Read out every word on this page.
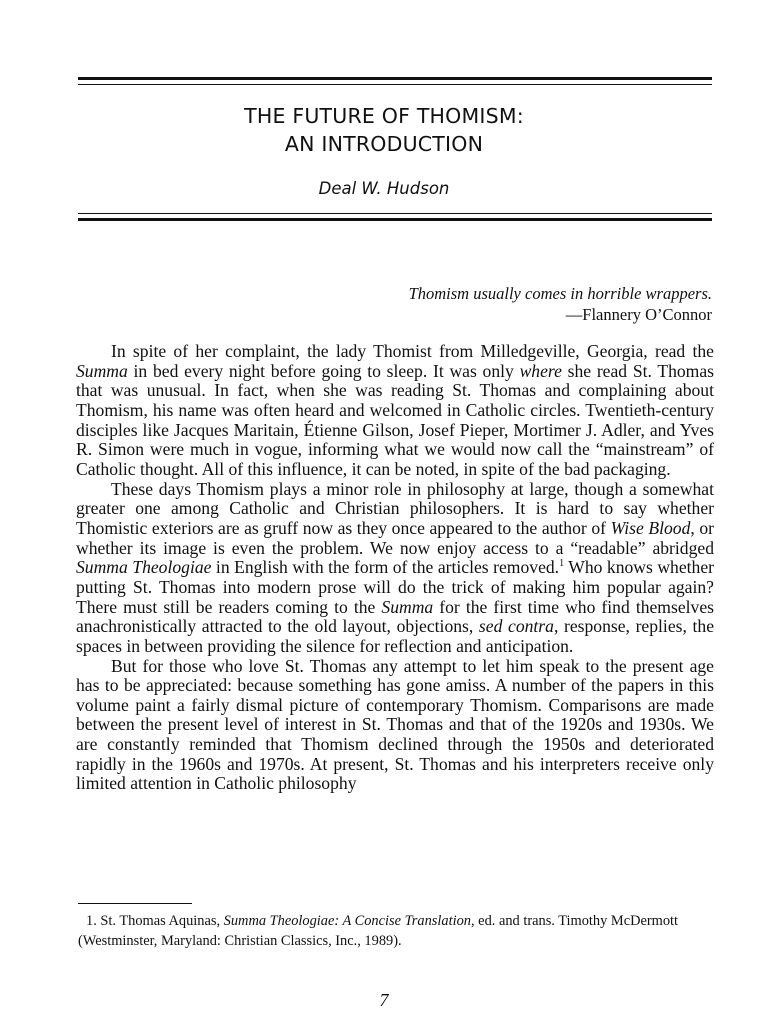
THE FUTURE OF THOMISM:
AN INTRODUCTION
Deal W. Hudson
Thomism usually comes in horrible wrappers.
—Flannery O’Connor

In spite of her complaint, the lady Thomist from Milledgeville, Georgia, read the Summa in bed every night before going to sleep. It was only where she read St. Thomas that was unusual. In fact, when she was reading St. Thomas and complaining about Thomism, his name was often heard and welcomed in Catholic circles. Twentieth-century disciples like Jacques Maritain, Étienne Gilson, Josef Pieper, Mortimer J. Adler, and Yves R. Simon were much in vogue, informing what we would now call the “mainstream” of Catholic thought. All of this influence, it can be noted, in spite of the bad packaging.

These days Thomism plays a minor role in philosophy at large, though a somewhat greater one among Catholic and Christian philosophers. It is hard to say whether Thomistic exteriors are as gruff now as they once appeared to the author of Wise Blood, or whether its image is even the problem. We now enjoy access to a “readable” abridged Summa Theologiae in English with the form of the articles removed.$^1$ Who knows whether putting St. Thomas into modern prose will do the trick of making him popular again? There must still be readers coming to the Summa for the first time who find themselves anachronistically attracted to the old layout, objections, sed contra, response, replies, the spaces in between providing the silence for reflection and anticipation.

But for those who love St. Thomas any attempt to let him speak to the present age has to be appreciated: because something has gone amiss. A number of the papers in this volume paint a fairly dismal picture of contemporary Thomism. Comparisons are made between the present level of interest in St. Thomas and that of the 1920s and 1930s. We are constantly reminded that Thomism declined through the 1950s and deteriorated rapidly in the 1960s and 1970s. At present, St. Thomas and his interpreters receive only limited attention in Catholic philosophy

1. St. Thomas Aquinas, Summa Theologiae: A Concise Translation, ed. and trans. Timothy McDermott (Westminster, Maryland: Christian Classics, Inc., 1989).
7
